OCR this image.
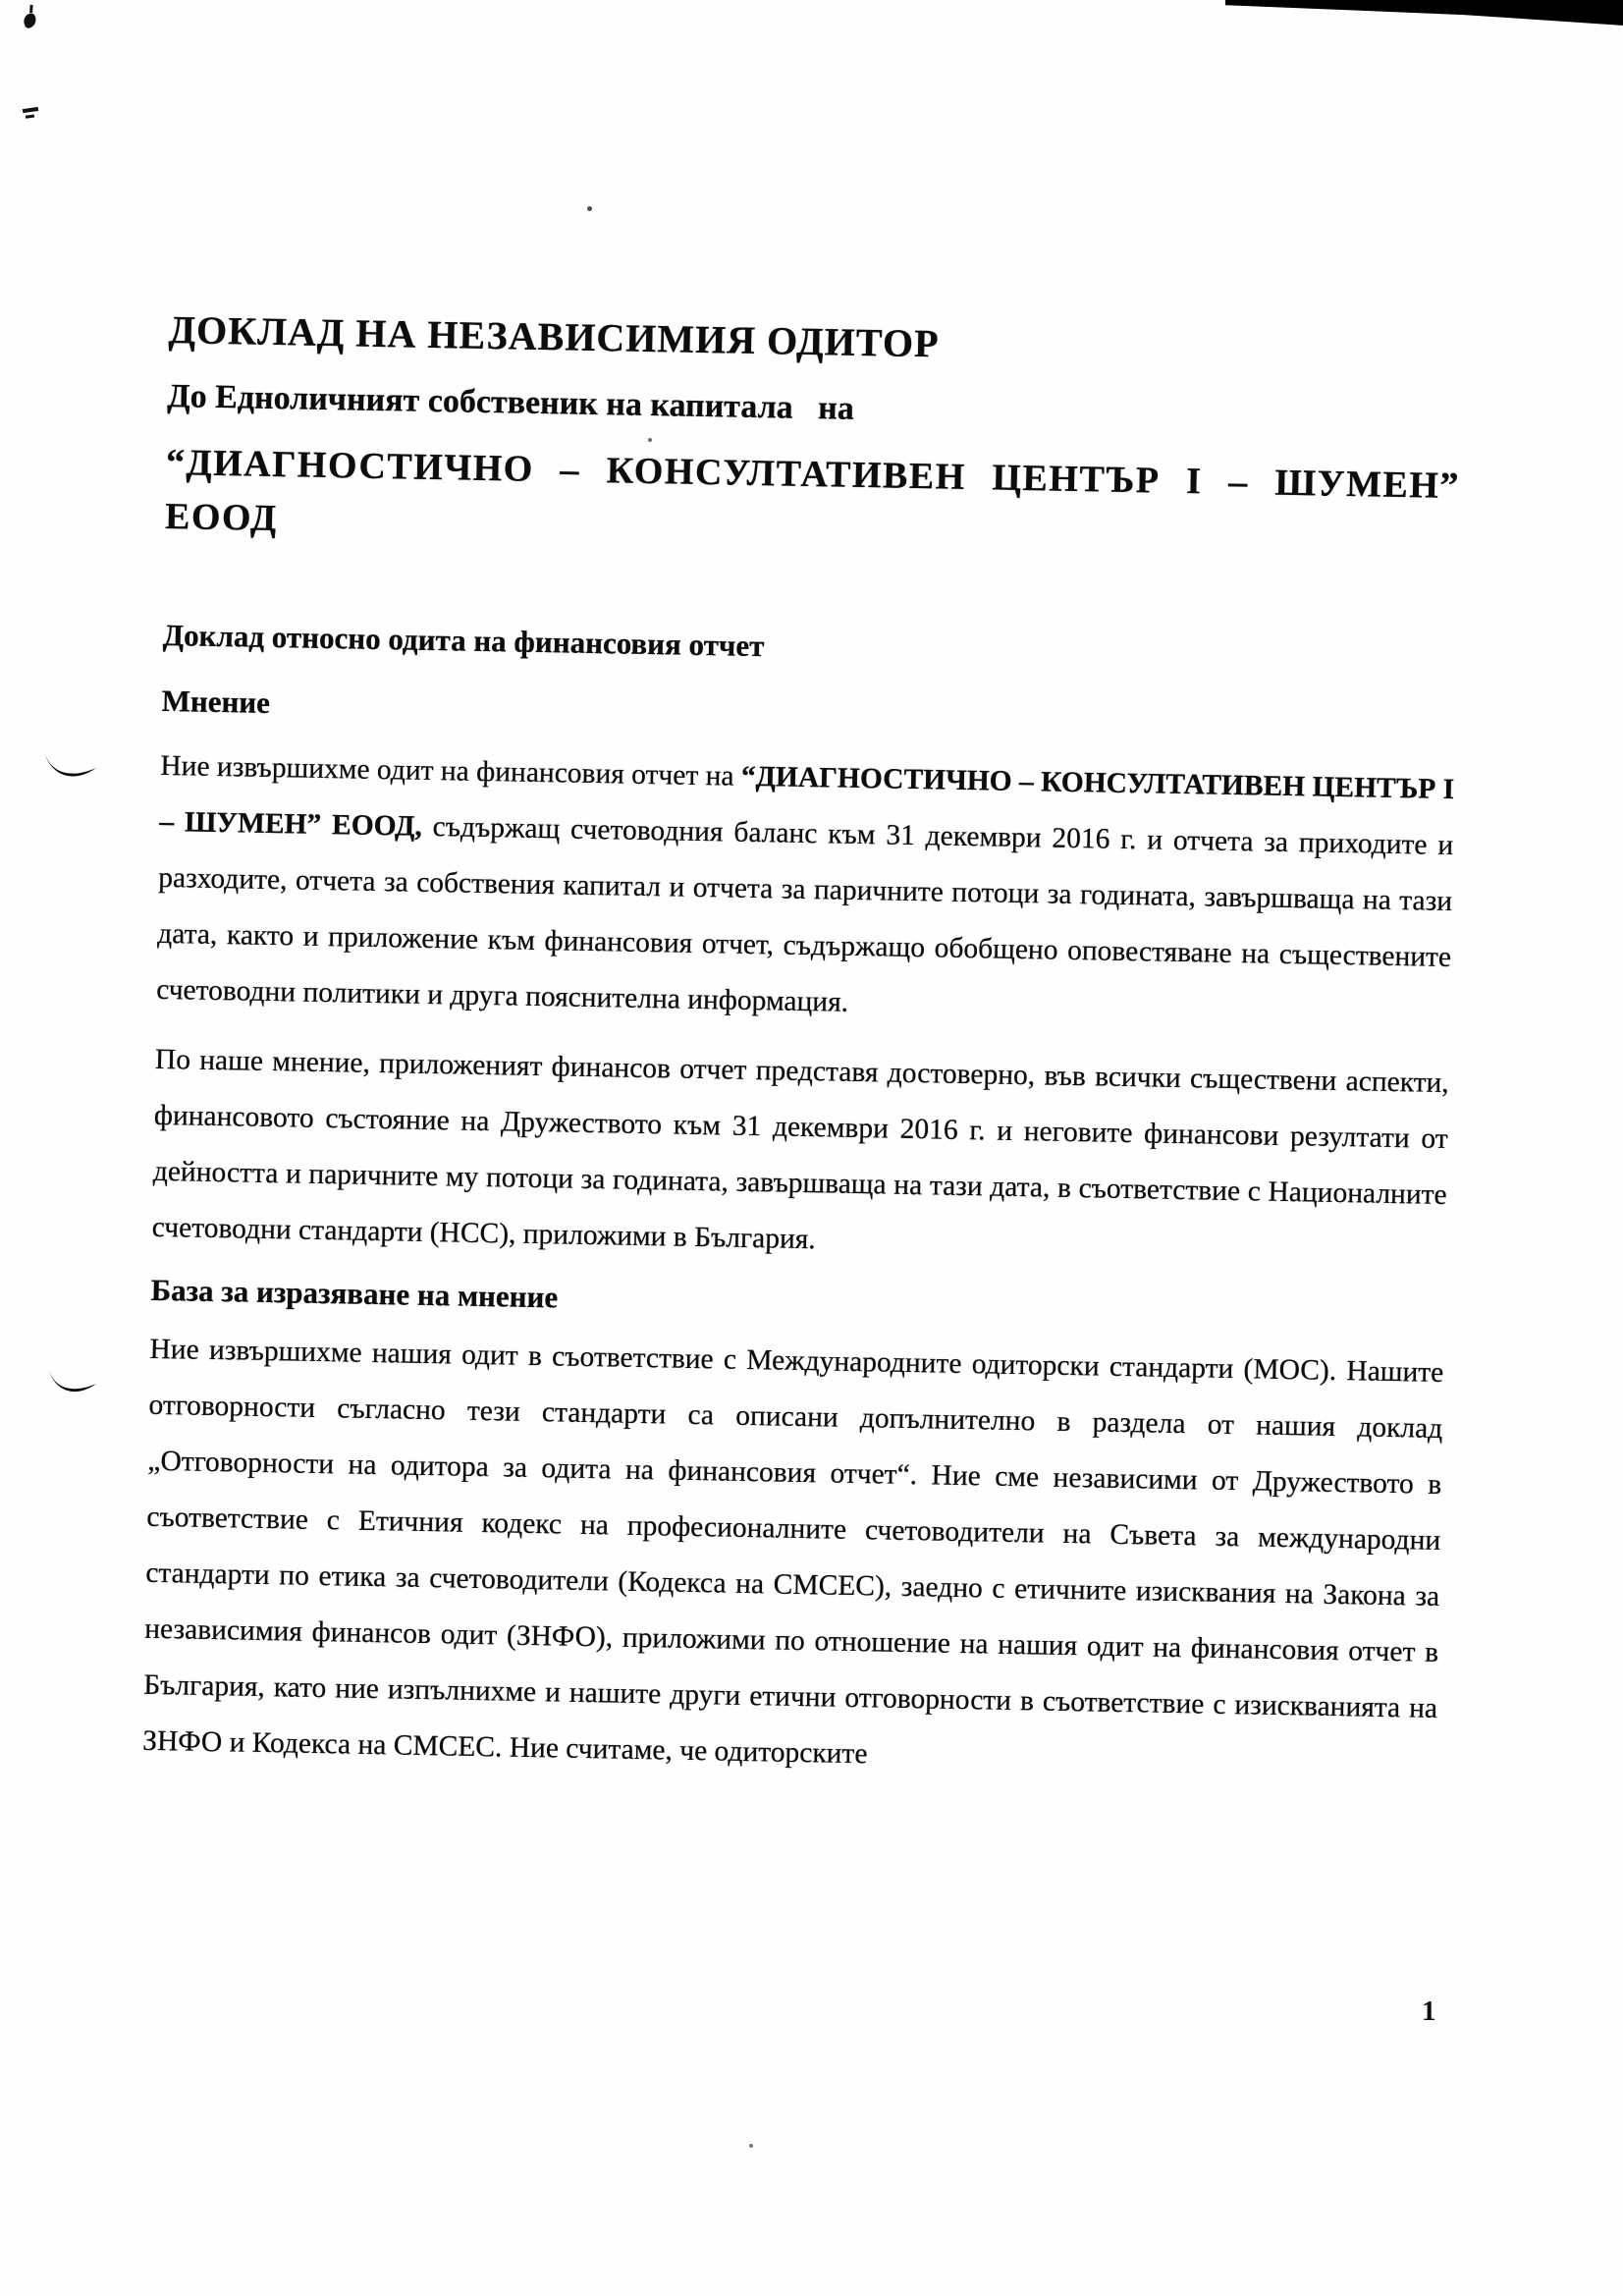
ДОКЛАД НА НЕЗАВИСИМИЯ ОДИТОР

До Едноличният собственик на капитала   на

“ДИАГНОСТИЧНО – КОНСУЛТАТИВЕН ЦЕНТЪР I – ШУМЕН” ЕООД
Доклад относно одита на финансовия отчет
Мнение

Ние извършихме одит на финансовия отчет на “ДИАГНОСТИЧНО – КОНСУЛТАТИВЕН ЦЕНТЪР I – ШУМЕН” ЕООД, съдържащ счетоводния баланс към 31 декември 2016 г. и отчета за приходите и разходите, отчета за собствения капитал и отчета за паричните потоци за годината, завършваща на тази дата, както и приложение към финансовия отчет, съдържащо обобщено оповестяване на съществените счетоводни политики и друга пояснителна информация.

По наше мнение, приложеният финансов отчет представя достоверно, във всички съществени аспекти, финансовото състояние на Дружеството към 31 декември 2016 г. и неговите финансови резултати от дейността и паричните му потоци за годината, завършваща на тази дата, в съответствие с Националните счетоводни стандарти (НСС), приложими в България.

База за изразяване на мнение

Ние извършихме нашия одит в съответствие с Международните одиторски стандарти (МОС). Нашите отговорности съгласно тези стандарти са описани допълнително в раздела от нашия доклад „Отговорности на одитора за одита на финансовия отчет“. Ние сме независими от Дружеството в съответствие с Етичния кодекс на професионалните счетоводители на Съвета за международни стандарти по етика за счетоводители (Кодекса на СМСЕС), заедно с етичните изисквания на Закона за независимия финансов одит (ЗНФО), приложими по отношение на нашия одит на финансовия отчет в България, като ние изпълнихме и нашите други етични отговорности в съответствие с изискванията на ЗНФО и Кодекса на СМСЕС. Ние считаме, че одиторските

1
